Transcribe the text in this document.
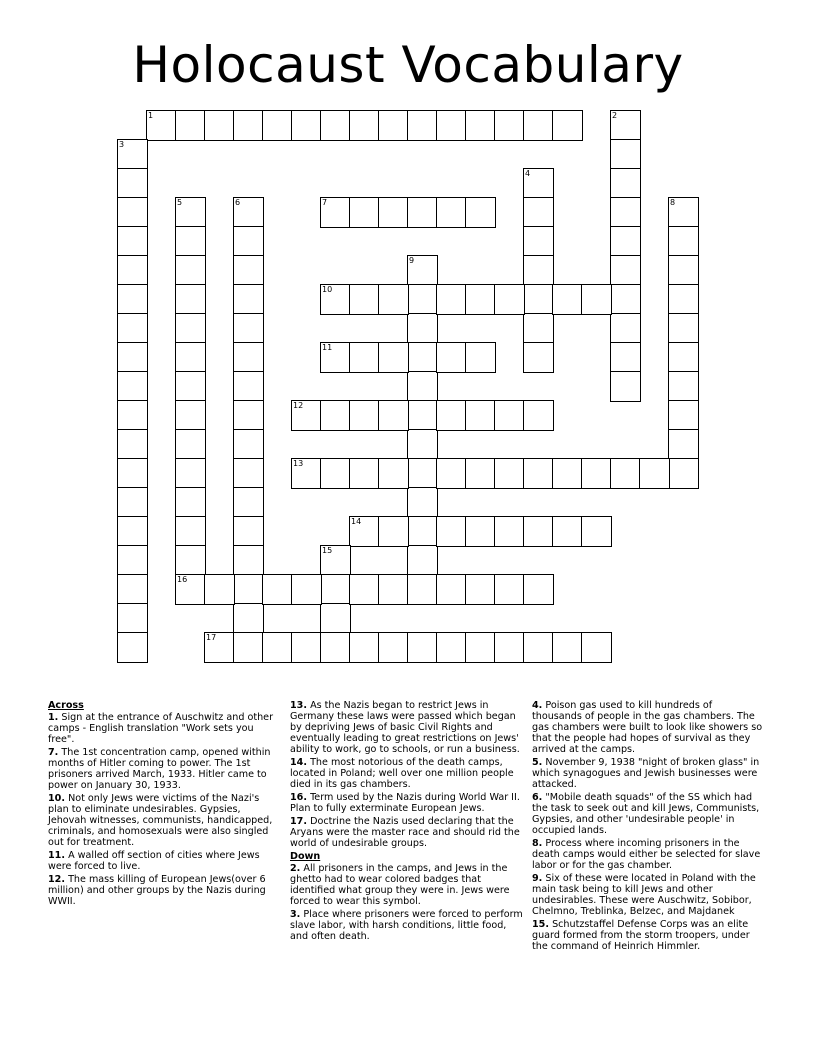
Holocaust Vocabulary
1	2
3
4
5	6	7	8
9
10
11
12
13
14
15
16
17
Across
1. Sign at the entrance of Auschwitz and other camps - English translation "Work sets you free".
7. The 1st concentration camp, opened within months of Hitler coming to power. The 1st prisoners arrived March, 1933. Hitler came to power on January 30, 1933.
10. Not only Jews were victims of the Nazi's plan to eliminate undesirables. Gypsies, Jehovah witnesses, communists, handicapped, criminals, and homosexuals were also singled out for treatment.
11. A walled off section of cities where Jews were forced to live.
12. The mass killing of European Jews(over 6 million) and other groups by the Nazis during WWII.
13. As the Nazis began to restrict Jews in Germany these laws were passed which began by depriving Jews of basic Civil Rights and eventually leading to great restrictions on Jews' ability to work, go to schools, or run a business.
14. The most notorious of the death camps, located in Poland; well over one million people died in its gas chambers.
16. Term used by the Nazis during World War II. Plan to fully exterminate European Jews.
17. Doctrine the Nazis used declaring that the Aryans were the master race and should rid the world of undesirable groups.
Down
2. All prisoners in the camps, and Jews in the ghetto had to wear colored badges that identified what group they were in. Jews were forced to wear this symbol.
3. Place where prisoners were forced to perform slave labor, with harsh conditions, little food, and often death.
4. Poison gas used to kill hundreds of thousands of people in the gas chambers. The gas chambers were built to look like showers so that the people had hopes of survival as they arrived at the camps.
5. November 9, 1938 "night of broken glass" in which synagogues and Jewish businesses were attacked.
6. "Mobile death squads" of the SS which had the task to seek out and kill Jews, Communists, Gypsies, and other 'undesirable people' in occupied lands.
8. Process where incoming prisoners in the death camps would either be selected for slave labor or for the gas chamber.
9. Six of these were located in Poland with the main task being to kill Jews and other undesirables. These were Auschwitz, Sobibor, Chelmno, Treblinka, Belzec, and Majdanek
15. Schutzstaffel Defense Corps was an elite guard formed from the storm troopers, under the command of Heinrich Himmler.
